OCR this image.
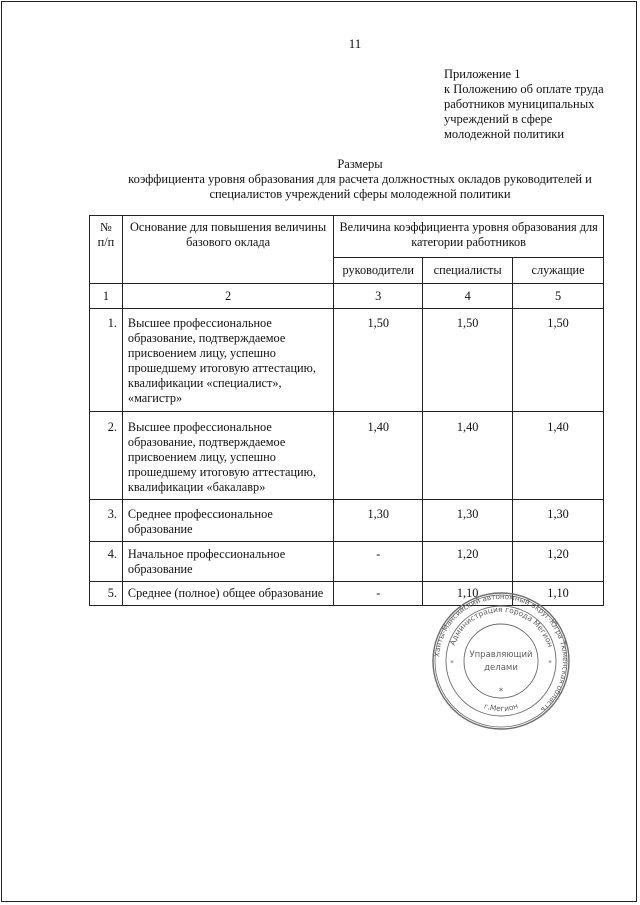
11
Приложение 1
к Положению об оплате труда
работников муниципальных
учреждений в сфере
молодежной политики
Размеры
коэффициента уровня образования для расчета должностных окладов руководителей и
специалистов учреждений сферы молодежной политики
№ п/п	Основание для повышения величины базового оклада	Величина коэффициента уровня образования для категории работников		
		руководители	специалисты	служащие
1	2	3	4	5
1.	Высшее профессиональное образование, подтверждаемое присвоением лицу, успешно прошедшему итоговую аттестацию, квалификации «специалист», «магистр»	1,50	1,50	1,50
2.	Высшее профессиональное образование, подтверждаемое присвоением лицу, успешно прошедшему итоговую аттестацию, квалификации «бакалавр»	1,40	1,40	1,40
3.	Среднее профессиональное образование	1,30	1,30	1,30
4.	Начальное профессиональное образование	-	1,20	1,20
5.	Среднее (полное) общее образование	-	1,10	1,10
Ханты-Мансийский автономный округ-Югра Тюменская область
Администрация города Мегион
Управляющий
делами
г.Мегион
*
*	*
